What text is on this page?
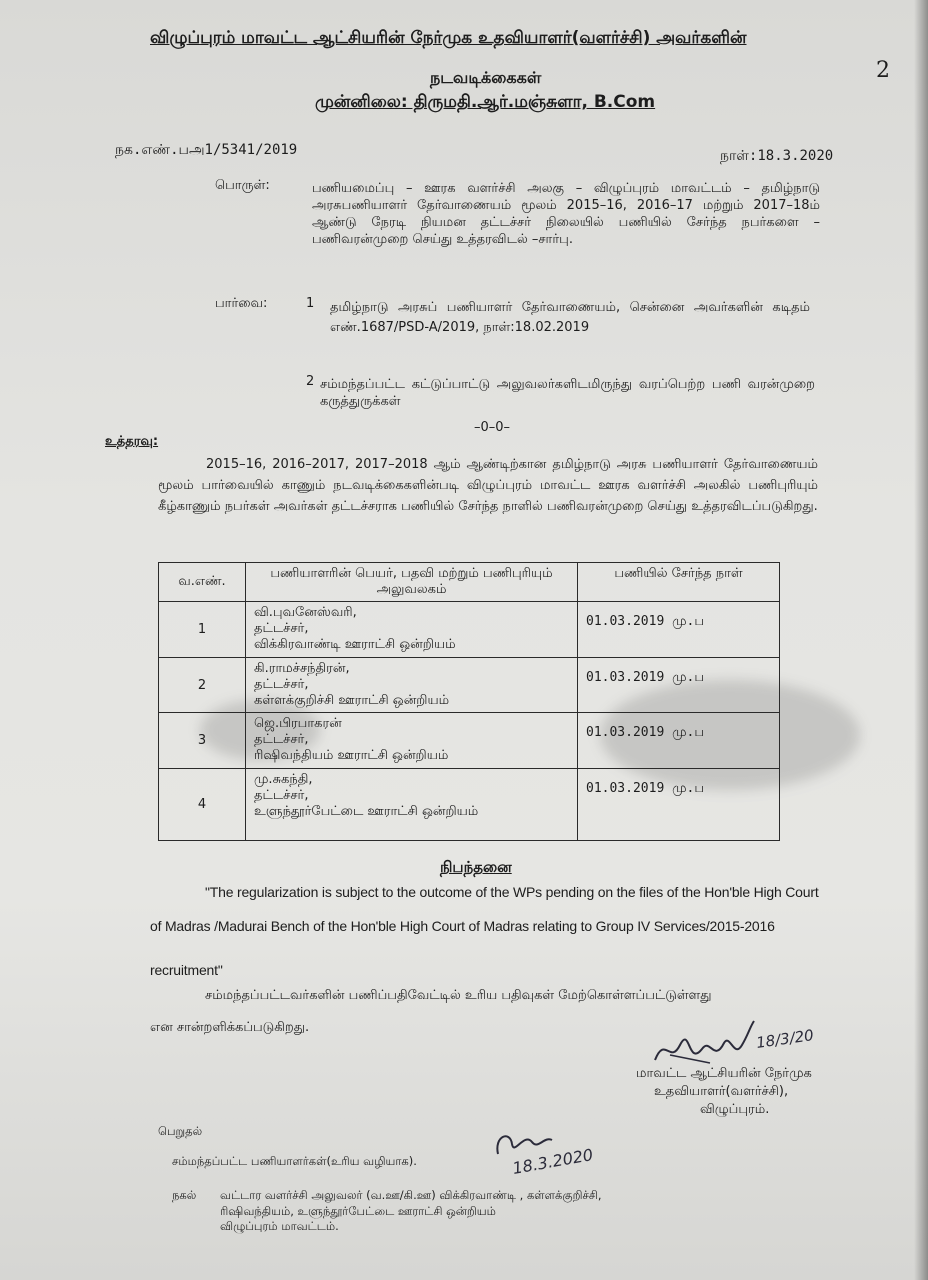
விழுப்புரம் மாவட்ட ஆட்சியரின் நேர்முக உதவியாளர்(வளர்ச்சி) அவர்களின்
நடவடிக்கைகள்
முன்னிலை: திருமதி.ஆர்.மஞ்சுளா, B.Com
2
நக.எண்.பஅ1/5341/2019	நாள்:18.3.2020
பொருள்:	பணியமைப்பு – ஊரக வளர்ச்சி அலகு – விழுப்புரம் மாவட்டம் – தமிழ்நாடு அரசுபணியாளர் தேர்வாணையம் மூலம் 2015–16, 2016–17 மற்றும் 2017–18ம் ஆண்டு நேரடி நியமன தட்டச்சர் நிலையில் பணியில் சேர்ந்த நபர்களை – பணிவரன்முறை செய்து உத்தரவிடல் –சார்பு.
பார்வை:	1 தமிழ்நாடு அரசுப் பணியாளர் தேர்வாணையம், சென்னை அவர்களின் கடிதம் எண்.1687/PSD-A/2019, நாள்:18.02.2019
2 சம்மந்தப்பட்ட கட்டுப்பாட்டு அலுவலர்களிடமிருந்து வரப்பெற்ற பணி வரன்முறை கருத்துருக்கள்
–0–0–
உத்தரவு:
2015–16, 2016–2017, 2017–2018 ஆம் ஆண்டிற்கான தமிழ்நாடு அரசு பணியாளர் தேர்வாணையம் மூலம் பார்வையில் காணும் நடவடிக்கைகளின்படி விழுப்புரம் மாவட்ட ஊரக வளர்ச்சி அலகில் பணிபுரியும் கீழ்காணும் நபர்கள் அவர்கள் தட்டச்சராக பணியில் சேர்ந்த நாளில் பணிவரன்முறை செய்து உத்தரவிடப்படுகிறது.
வ.எண்.	பணியாளரின் பெயர், பதவி மற்றும் பணிபுரியும் அலுவலகம்	பணியில் சேர்ந்த நாள்
1	வி.புவனேஸ்வரி,
தட்டச்சர்,
விக்கிரவாண்டி ஊராட்சி ஒன்றியம்	01.03.2019 மு.ப
2	கி.ராமச்சந்திரன்,
தட்டச்சர்,
கள்ளக்குறிச்சி ஊராட்சி ஒன்றியம்	01.03.2019 மு.ப
3	ஜெ.பிரபாகரன்
தட்டச்சர்,
ரிஷிவந்தியம் ஊராட்சி ஒன்றியம்	01.03.2019 மு.ப
4	மு.சுகந்தி,
தட்டச்சர்,
உளுந்தூர்பேட்டை ஊராட்சி ஒன்றியம்	01.03.2019 மு.ப
நிபந்தனை
"The regularization is subject to the outcome of the WPs pending on the files of the Hon'ble High Court
of Madras /Madurai Bench of the Hon'ble High Court of Madras relating to Group IV Services/2015-2016
recruitment"
சம்மந்தப்பட்டவர்களின் பணிப்பதிவேட்டில் உரிய பதிவுகள் மேற்கொள்ளப்பட்டுள்ளது
என சான்றளிக்கப்படுகிறது.	18/3/20
மாவட்ட ஆட்சியரின் நேர்முக
உதவியாளர்(வளர்ச்சி),
விழுப்புரம்.
பெறுதல்
சம்மந்தப்பட்ட பணியாளர்கள்(உரிய வழியாக).	18.3.2020
நகல் வட்டார வளர்ச்சி அலுவலர் (வ.ஊ/கி.ஊ) விக்கிரவாண்டி , கள்ளக்குறிச்சி,
ரிஷிவந்தியம், உளுந்தூர்பேட்டை ஊராட்சி ஒன்றியம்
விழுப்புரம் மாவட்டம்.
